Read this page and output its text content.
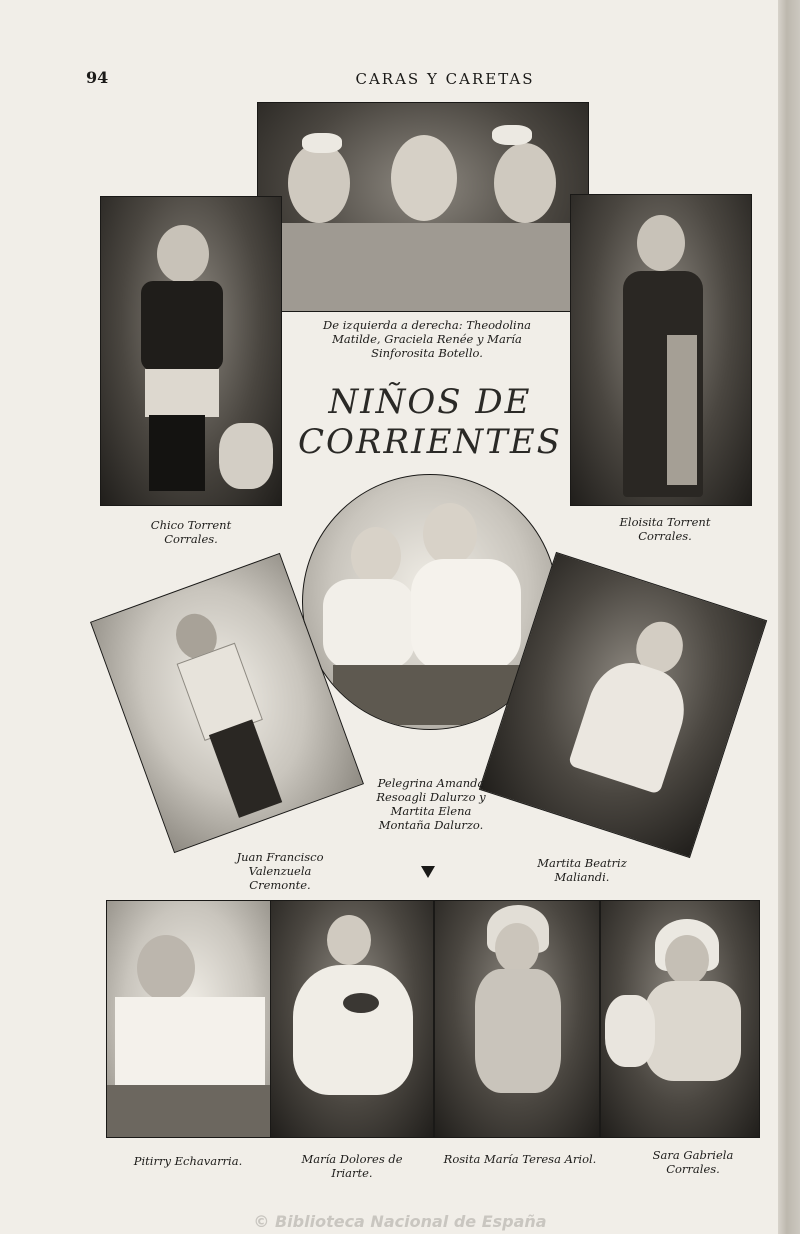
94	CARAS Y CARETAS
De izquierda a derecha: Theodolina Matilde, Graciela Renée y María Sinforosita Botello.
Chico Torrent Corrales.
Eloisita Torrent Corrales.
NIÑOS DE
CORRIENTES
Juan Francisco Valenzuela Cremonte.
Martita Beatriz Maliandi.
Pelegrina Amanda Resoagli Dalurzo y Martita Elena Montaña Dalurzo.
Pitirry Echavarria.	María Dolores de Iriarte.
Rosita María Teresa Ariol.	Sara Gabriela Corrales.
© Biblioteca Nacional de España
